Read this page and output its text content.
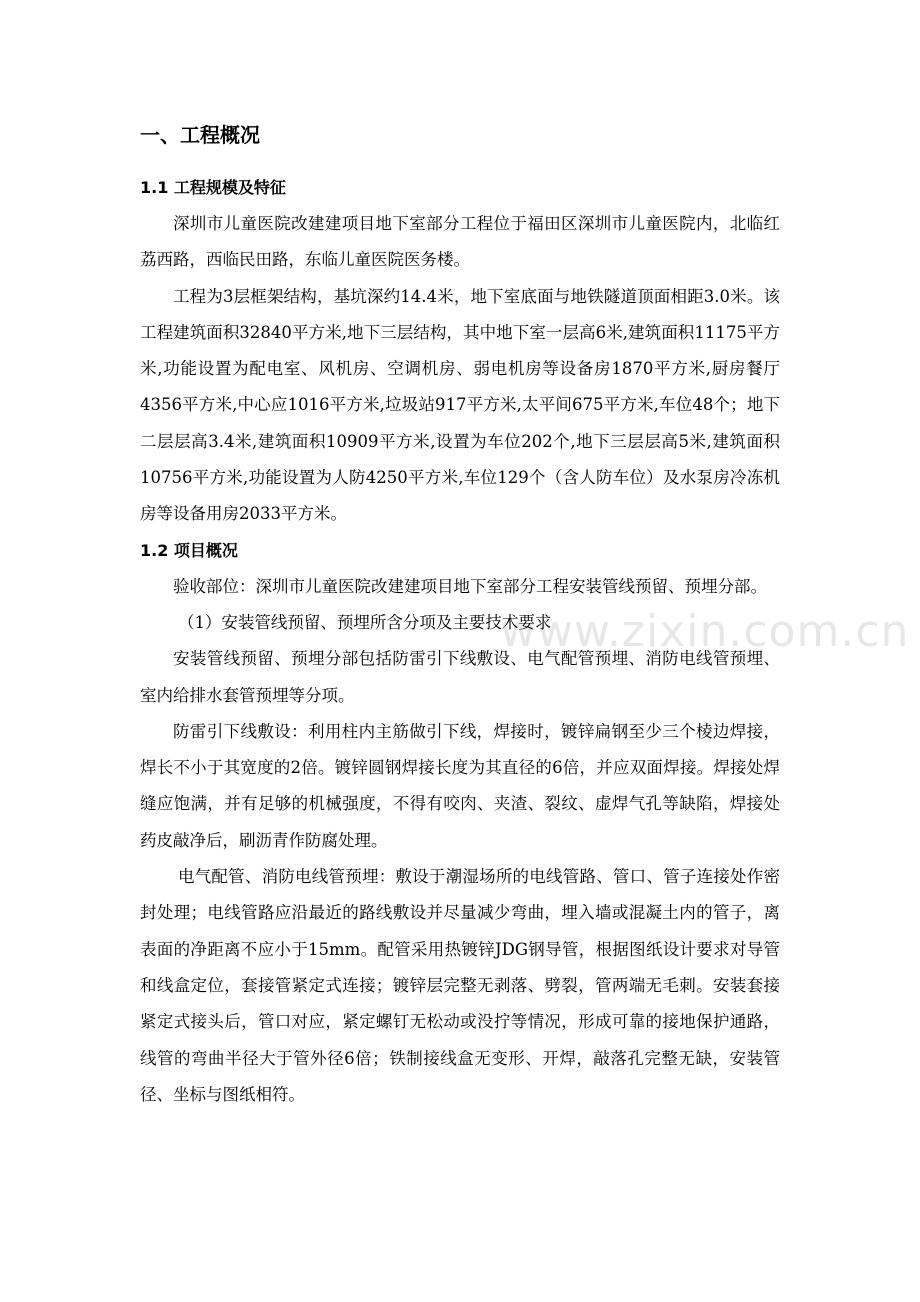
www.zixin.com.cn
一、工程概况
1.1 工程规模及特征

深圳市儿童医院改建建项目地下室部分工程位于福田区深圳市儿童医院内，北临红荔西路，西临民田路，东临儿童医院医务楼。

工程为3层框架结构，基坑深约14.4米，地下室底面与地铁隧道顶面相距3.0米。该工程建筑面积32840平方米,地下三层结构，其中地下室一层高6米,建筑面积11175平方米,功能设置为配电室、风机房、空调机房、弱电机房等设备房1870平方米,厨房餐厅4356平方米,中心应1016平方米,垃圾站917平方米,太平间675平方米,车位48个；地下二层层高3.4米,建筑面积10909平方米,设置为车位202个,地下三层层高5米,建筑面积10756平方米,功能设置为人防4250平方米,车位129个（含人防车位）及水泵房冷冻机房等设备用房2033平方米。

1.2 项目概况

验收部位：深圳市儿童医院改建建项目地下室部分工程安装管线预留、预埋分部。

（1）安装管线预留、预埋所含分项及主要技术要求

安装管线预留、预埋分部包括防雷引下线敷设、电气配管预埋、消防电线管预埋、室内给排水套管预埋等分项。

防雷引下线敷设：利用柱内主筋做引下线，焊接时，镀锌扁钢至少三个棱边焊接，焊长不小于其宽度的2倍。镀锌圆钢焊接长度为其直径的6倍，并应双面焊接。焊接处焊缝应饱满，并有足够的机械强度，不得有咬肉、夹渣、裂纹、虚焊气孔等缺陷，焊接处药皮敲净后，刷沥青作防腐处理。

电气配管、消防电线管预埋：敷设于潮湿场所的电线管路、管口、管子连接处作密封处理；电线管路应沿最近的路线敷设并尽量减少弯曲，埋入墙或混凝土内的管子，离表面的净距离不应小于15mm。配管采用热镀锌JDG钢导管，根据图纸设计要求对导管和线盒定位，套接管紧定式连接；镀锌层完整无剥落、劈裂，管两端无毛刺。安装套接紧定式接头后，管口对应，紧定螺钉无松动或没拧等情况，形成可靠的接地保护通路，线管的弯曲半径大于管外径6倍；铁制接线盒无变形、开焊，敲落孔完整无缺，安装管径、坐标与图纸相符。
